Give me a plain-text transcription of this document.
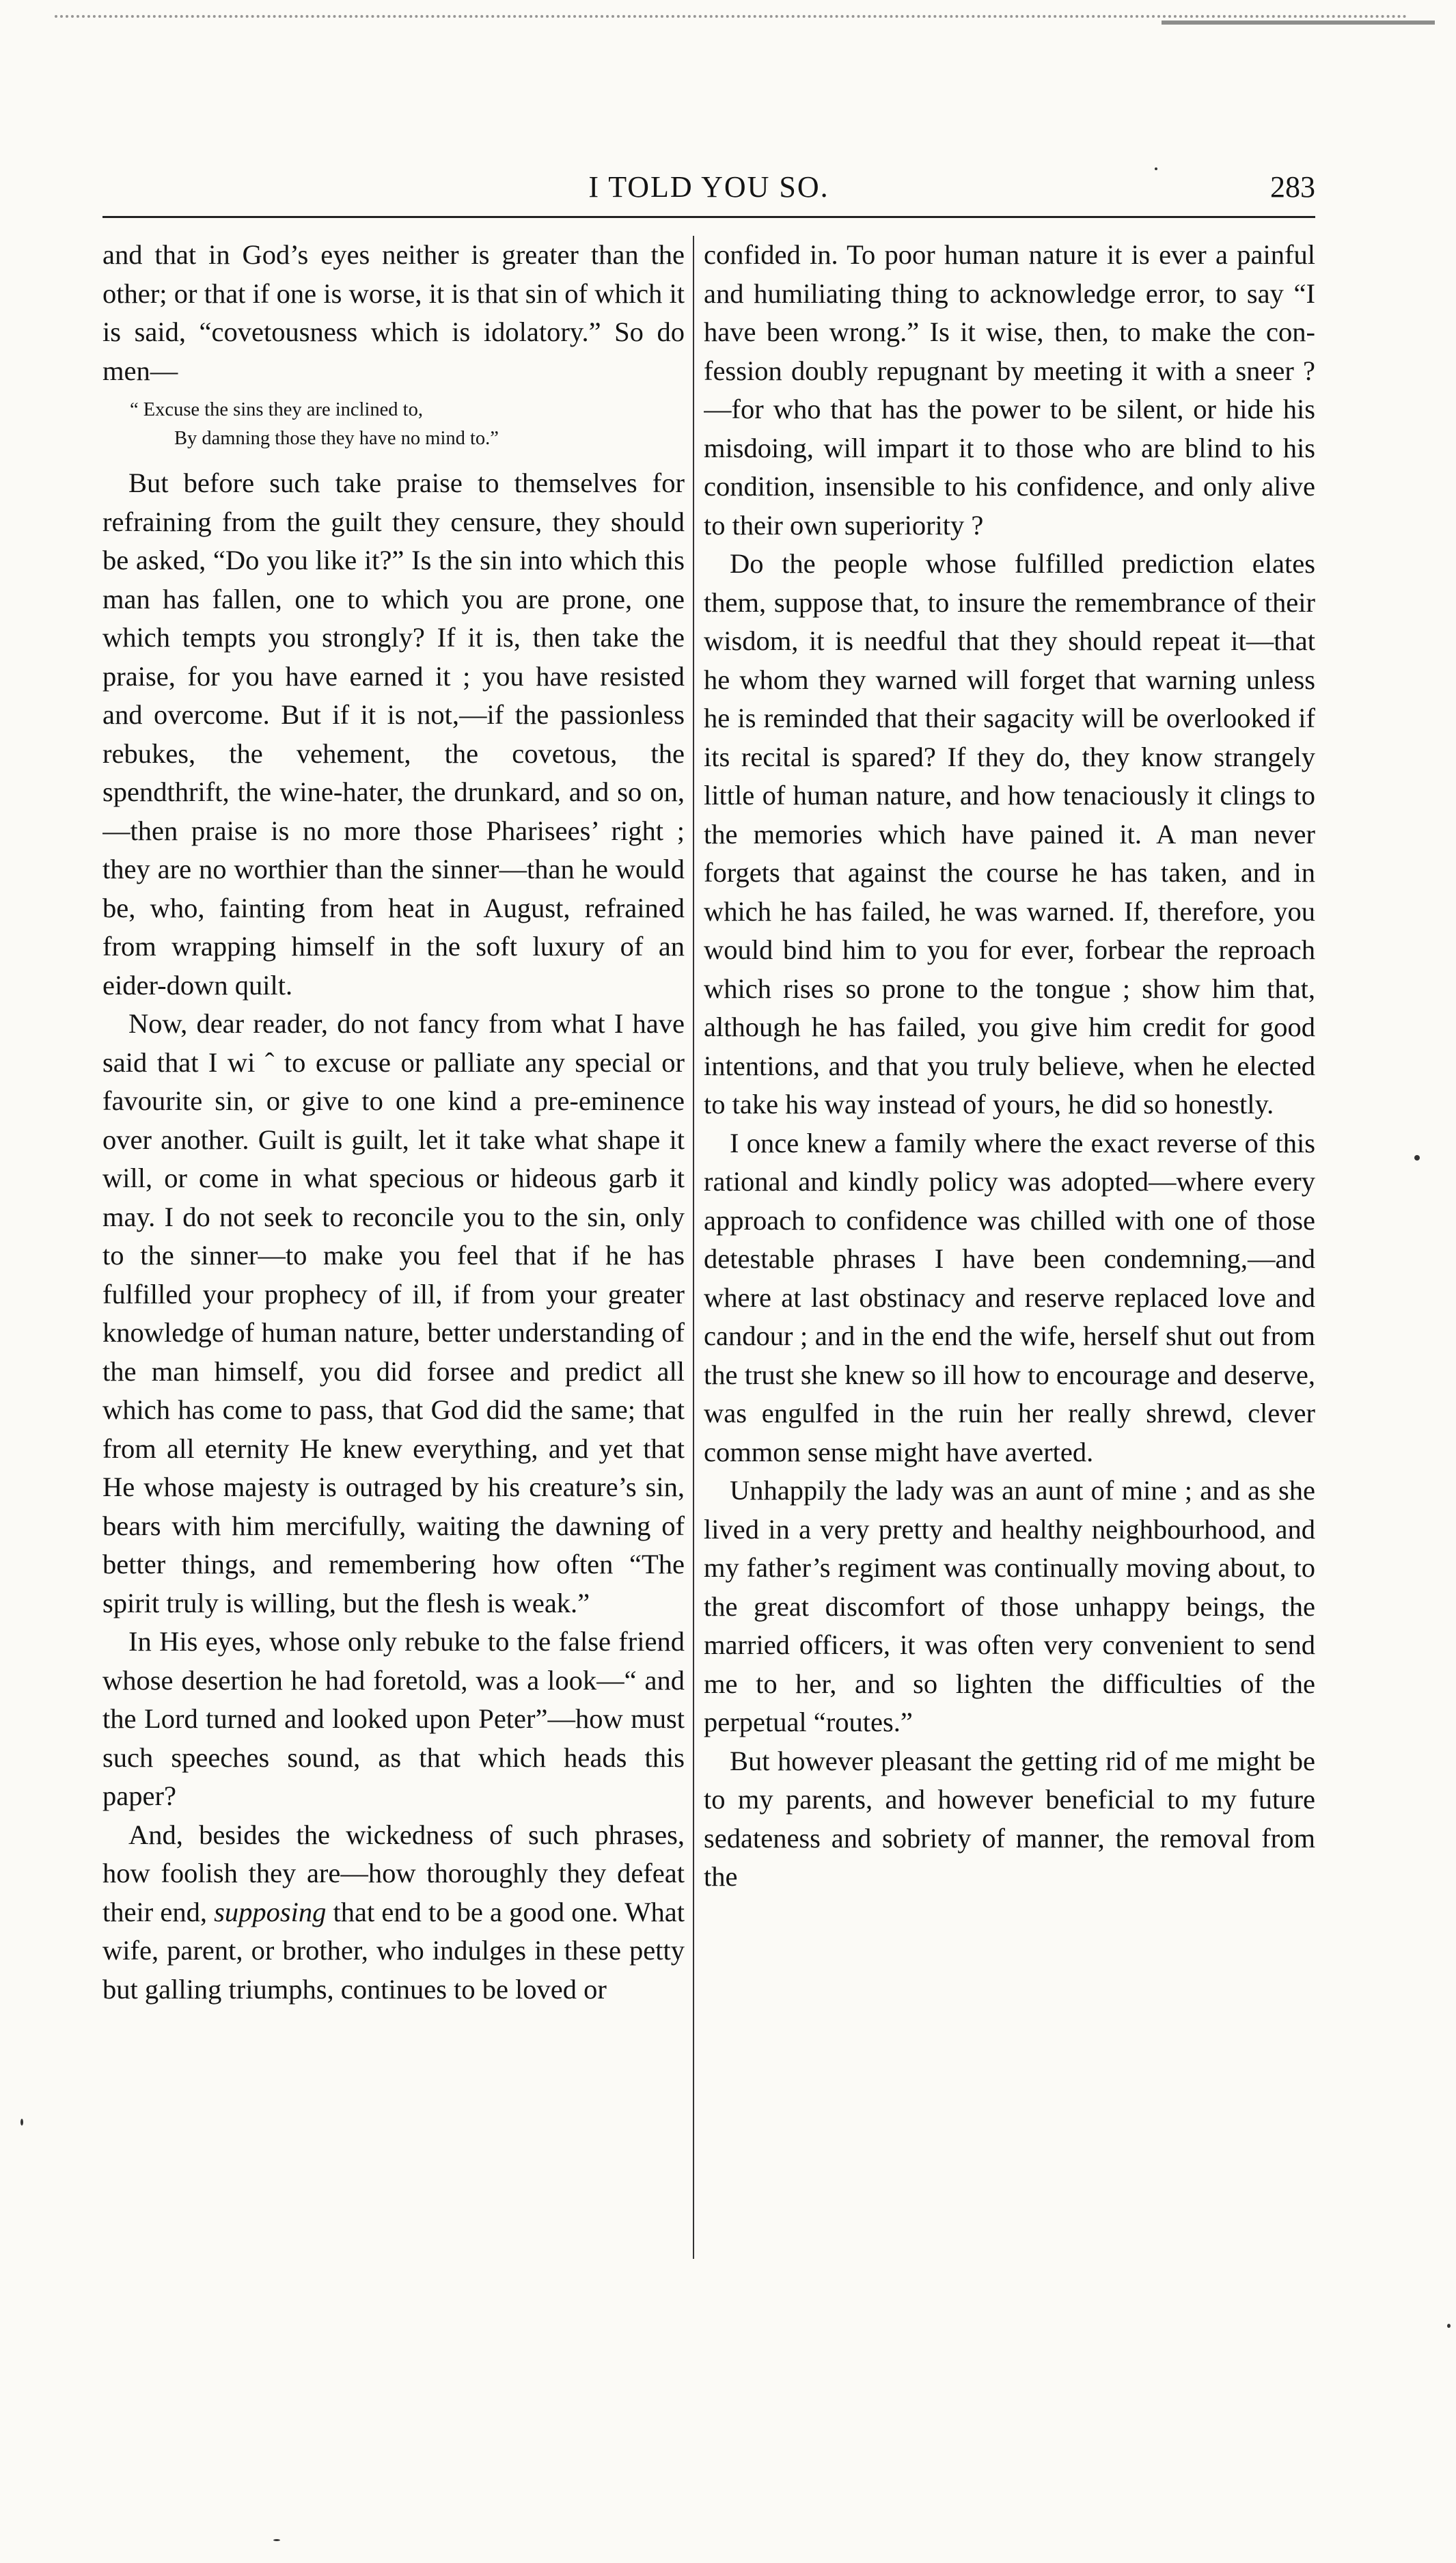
I TOLD YOU SO.	283

and that in God’s eyes neither is greater than the other; or that if one is worse, it is that sin of which it is said, “covetousness which is idolatory.” So do men—

“ Excuse the sins they are inclined to,
By damning those they have no mind to.”

But before such take praise to themselves for refraining from the guilt they censure, they should be asked, “Do you like it?” Is the sin into which this man has fallen, one to which you are prone, one which tempts you strongly? If it is, then take the praise, for you have earned it ; you have resisted and overcome. But if it is not,—if the passionless rebukes, the vehement, the covetous, the spendthrift, the wine-hater, the drunkard, and so on,—then praise is no more those Pharisees’ right ; they are no worthier than the sinner—than he would be, who, fainting from heat in August, refrained from wrapping himself in the soft luxury of an eider-down quilt.

Now, dear reader, do not fancy from what I have said that I wi ˆ to excuse or palliate any special or favourite sin, or give to one kind a pre-eminence over another. Guilt is guilt, let it take what shape it will, or come in what specious or hideous garb it may. I do not seek to reconcile you to the sin, only to the sinner—to make you feel that if he has fulfilled your prophecy of ill, if from your greater knowledge of human nature, better understanding of the man himself, you did forsee and predict all which has come to pass, that God did the same; that from all eternity He knew everything, and yet that He whose majesty is outraged by his creature’s sin, bears with him mercifully, waiting the dawning of better things, and remembering how often “The spirit truly is willing, but the flesh is weak.”

In His eyes, whose only rebuke to the false friend whose desertion he had foretold, was a look—“ and the Lord turned and looked upon Peter”—how must such speeches sound, as that which heads this paper?

And, besides the wickedness of such phrases, how foolish they are—how thoroughly they defeat their end, supposing that end to be a good one. What wife, parent, or brother, who indulges in these petty but galling triumphs, continues to be loved or

confided in. To poor human nature it is ever a painful and humiliating thing to acknowledge error, to say “I have been wrong.” Is it wise, then, to make the confession doubly repugnant by meeting it with a sneer ?—for who that has the power to be silent, or hide his misdoing, will impart it to those who are blind to his condition, insensible to his confidence, and only alive to their own superiority ?

Do the people whose fulfilled prediction elates them, suppose that, to insure the remembrance of their wisdom, it is needful that they should repeat it—that he whom they warned will forget that warning unless he is reminded that their sagacity will be overlooked if its recital is spared? If they do, they know strangely little of human nature, and how tenaciously it clings to the memories which have pained it. A man never forgets that against the course he has taken, and in which he has failed, he was warned. If, therefore, you would bind him to you for ever, forbear the reproach which rises so prone to the tongue ; show him that, although he has failed, you give him credit for good intentions, and that you truly believe, when he elected to take his way instead of yours, he did so honestly.

I once knew a family where the exact reverse of this rational and kindly policy was adopted—where every approach to confidence was chilled with one of those detestable phrases I have been condemning,—and where at last obstinacy and reserve replaced love and candour ; and in the end the wife, herself shut out from the trust she knew so ill how to encourage and deserve, was engulfed in the ruin her really shrewd, clever common sense might have averted.

Unhappily the lady was an aunt of mine ; and as she lived in a very pretty and healthy neighbourhood, and my father’s regiment was continually moving about, to the great discomfort of those unhappy beings, the married officers, it was often very convenient to send me to her, and so lighten the difficulties of the perpetual “routes.”

But however pleasant the getting rid of me might be to my parents, and however beneficial to my future sedateness and sobriety of manner, the removal from the
